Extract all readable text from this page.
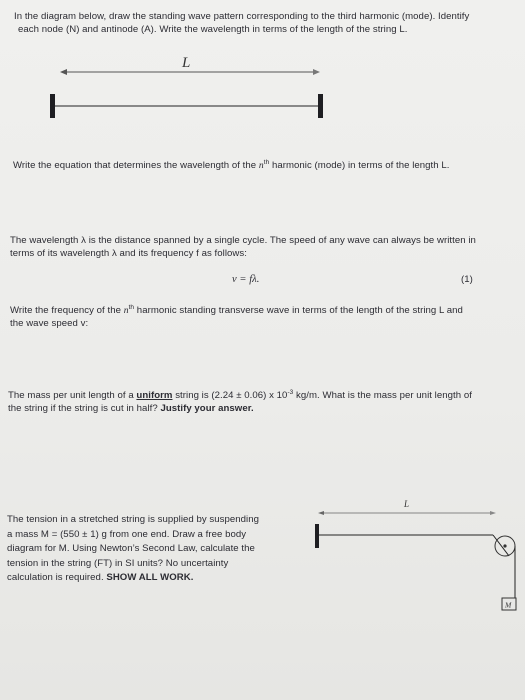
In the diagram below, draw the standing wave pattern corresponding to the third harmonic (mode). Identify

each node (N) and antinode (A). Write the wavelength in terms of the length of the string L.

L

Write the equation that determines the wavelength of the $n^{th}$ harmonic (mode) in terms of the length L.

The wavelength λ is the distance spanned by a single cycle. The speed of any wave can always be written in

terms of its wavelength λ and its frequency f as follows:

v = fλ.	(1)

Write the frequency of the $n^{th}$ harmonic standing transverse wave in terms of the length of the string L and

the wave speed v:

The mass per unit length of a uniform string is (2.24 ± 0.06) x $10^{-3}$ kg/m. What is the mass per unit length of

the string if the string is cut in half? Justify your answer.

The tension in a stretched string is supplied by suspending

a mass M = (550 ± 1) g from one end. Draw a free body

diagram for M. Using Newton’s Second Law, calculate the

tension in the string (FT) in SI units? No uncertainty

calculation is required. SHOW ALL WORK.

L
M
